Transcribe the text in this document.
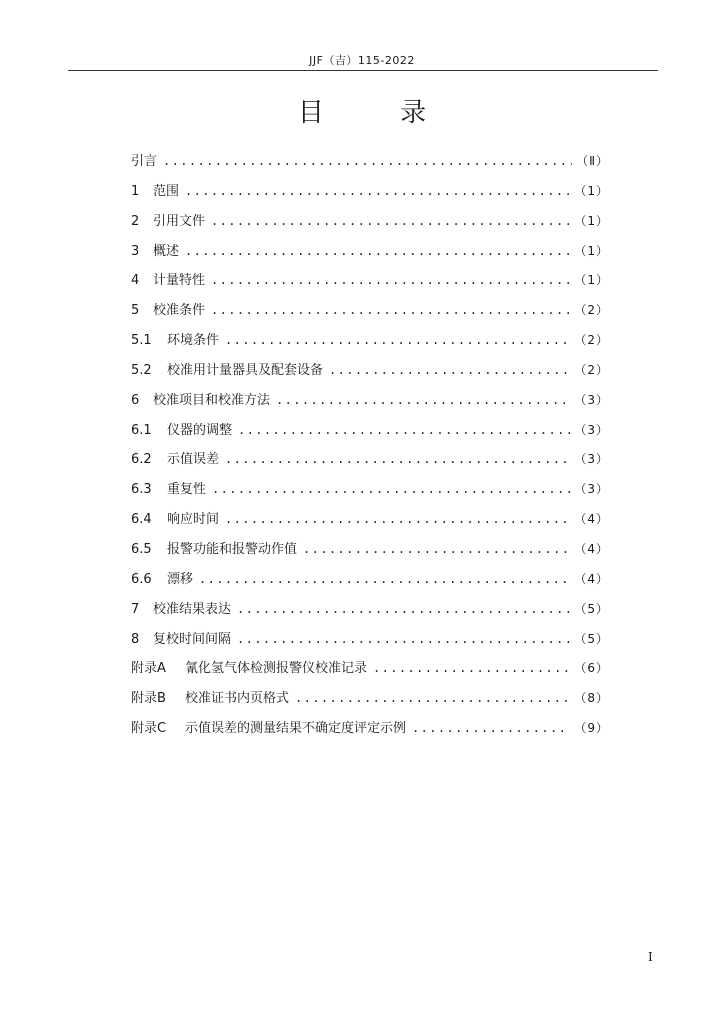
JJF（吉）115-2022
目 录
引言 .....	（Ⅱ）
1 范围 .....	（1）
2 引用文件 .....	（1）
3 概述 .....	（1）
4 计量特性 .....	（1）
5 校准条件 .....	（2）
5.1 环境条件 .....	（2）
5.2 校准用计量器具及配套设备 .....	（2）
6 校准项目和校准方法 .....	（3）
6.1 仪器的调整 .....	（3）
6.2 示值误差 .....	（3）
6.3 重复性 .....	（3）
6.4 响应时间 .....	（4）
6.5 报警功能和报警动作值 .....	（4）
6.6 漂移 .....	（4）
7 校准结果表达 .....	（5）
8 复校时间间隔 .....	（5）
附录A 氰化氢气体检测报警仪校准记录 .....	（6）
附录B 校准证书内页格式 .....	（8）
附录C 示值误差的测量结果不确定度评定示例 .....	（9）
I
